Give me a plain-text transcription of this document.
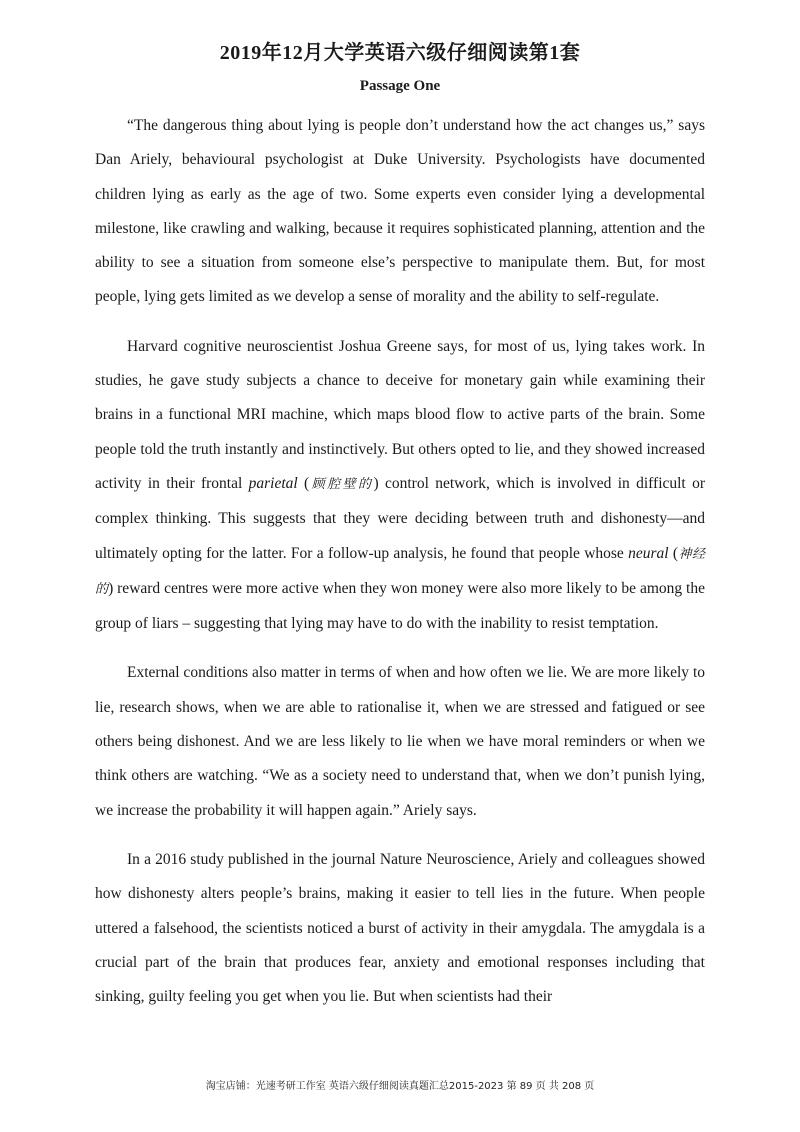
2019年12月大学英语六级仔细阅读第1套
Passage One

“The dangerous thing about lying is people don’t understand how the act changes us,” says Dan Ariely, behavioural psychologist at Duke University. Psychologists have documented children lying as early as the age of two. Some experts even consider lying a developmental milestone, like crawling and walking, because it requires sophisticated planning, attention and the ability to see a situation from someone else’s perspective to manipulate them. But, for most people, lying gets limited as we develop a sense of morality and the ability to self-regulate.

Harvard cognitive neuroscientist Joshua Greene says, for most of us, lying takes work. In studies, he gave study subjects a chance to deceive for monetary gain while examining their brains in a functional MRI machine, which maps blood flow to active parts of the brain. Some people told the truth instantly and instinctively. But others opted to lie, and they showed increased activity in their frontal parietal (顾腔壁的) control network, which is involved in difficult or complex thinking. This suggests that they were deciding between truth and dishonesty—and ultimately opting for the latter. For a follow-up analysis, he found that people whose neural (神经的) reward centres were more active when they won money were also more likely to be among the group of liars – suggesting that lying may have to do with the inability to resist temptation.

External conditions also matter in terms of when and how often we lie. We are more likely to lie, research shows, when we are able to rationalise it, when we are stressed and fatigued or see others being dishonest. And we are less likely to lie when we have moral reminders or when we think others are watching. “We as a society need to understand that, when we don’t punish lying, we increase the probability it will happen again.” Ariely says.

In a 2016 study published in the journal Nature Neuroscience, Ariely and colleagues showed how dishonesty alters people’s brains, making it easier to tell lies in the future. When people uttered a falsehood, the scientists noticed a burst of activity in their amygdala. The amygdala is a crucial part of the brain that produces fear, anxiety and emotional responses including that sinking, guilty feeling you get when you lie. But when scientists had their

淘宝店铺：光速考研工作室 英语六级仔细阅读真题汇总2015-2023 第 89 页 共 208 页
